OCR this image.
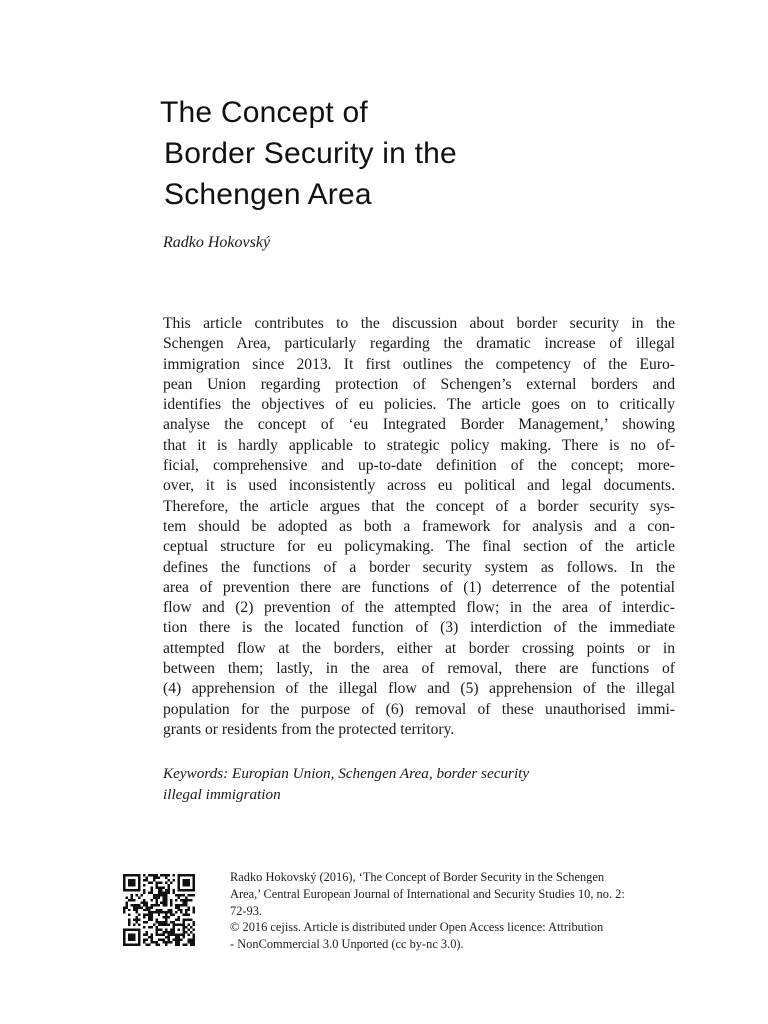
The Concept of
Border Security in the
Schengen Area
Radko Hokovský
This article contributes to the discussion about border security in the
Schengen Area, particularly regarding the dramatic increase of illegal
immigration since 2013. It first outlines the competency of the Euro-
pean Union regarding protection of Schengen’s external borders and
identifies the objectives of eu policies. The article goes on to critically
analyse the concept of ‘eu Integrated Border Management,’ showing
that it is hardly applicable to strategic policy making. There is no of-
ficial, comprehensive and up-to-date definition of the concept; more-
over, it is used inconsistently across eu political and legal documents.
Therefore, the article argues that the concept of a border security sys-
tem should be adopted as both a framework for analysis and a con-
ceptual structure for eu policymaking. The final section of the article
defines the functions of a border security system as follows. In the
area of prevention there are functions of (1) deterrence of the potential
flow and (2) prevention of the attempted flow; in the area of interdic-
tion there is the located function of (3) interdiction of the immediate
attempted flow at the borders, either at border crossing points or in
between them; lastly, in the area of removal, there are functions of
(4) apprehension of the illegal flow and (5) apprehension of the illegal
population for the purpose of (6) removal of these unauthorised immi-
grants or residents from the protected territory.
Keywords: Europian Union, Schengen Area, border security
illegal immigration
Radko Hokovský (2016), ‘The Concept of Border Security in the Schengen
Area,’ Central European Journal of International and Security Studies 10, no. 2:
72-93.
© 2016 cejiss. Article is distributed under Open Access licence: Attribution
- NonCommercial 3.0 Unported (cc by-nc 3.0).
